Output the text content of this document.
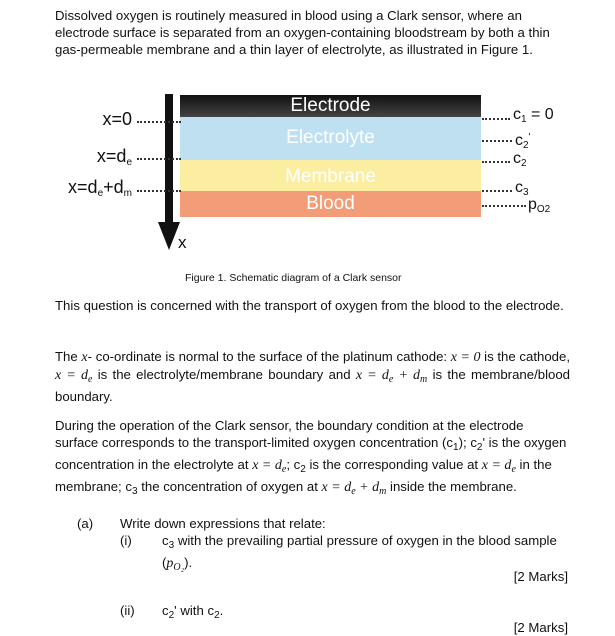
Dissolved oxygen is routinely measured in blood using a Clark sensor, where an electrode surface is separated from an oxygen-containing bloodstream by both a thin gas-permeable membrane and a thin layer of electrolyte, as illustrated in Figure 1.
x
Electrode
Electrolyte
Membrane
Blood
x=0
$x=d_e$
$x=d_e+d_m$
$c_1 = 0$
$c_2'$
$c_2$
$c_3$
$p_{O2}$
Figure 1. Schematic diagram of a Clark sensor
This question is concerned with the transport of oxygen from the blood to the electrode.
The x- co-ordinate is normal to the surface of the platinum cathode: x = 0 is the cathode, $x = d_e$ is the electrolyte/membrane boundary and $x = d_e + d_m$ is the membrane/blood boundary.
During the operation of the Clark sensor, the boundary condition at the electrode surface corresponds to the transport-limited oxygen concentration $(c_1)$; $c_2'$ is the oxygen concentration in the electrolyte at $x = d_e$; $c_2$ is the corresponding value at $x = d_e$ in the membrane; $c_3$ the concentration of oxygen at $x = d_e + d_m$ inside the membrane.
(a) Write down expressions that relate:
(i) $c_3$ with the prevailing partial pressure of oxygen in the blood sample $(p_{O_2})$.
[2 Marks]
(ii) $c_2'$ with $c_2$.
[2 Marks]
